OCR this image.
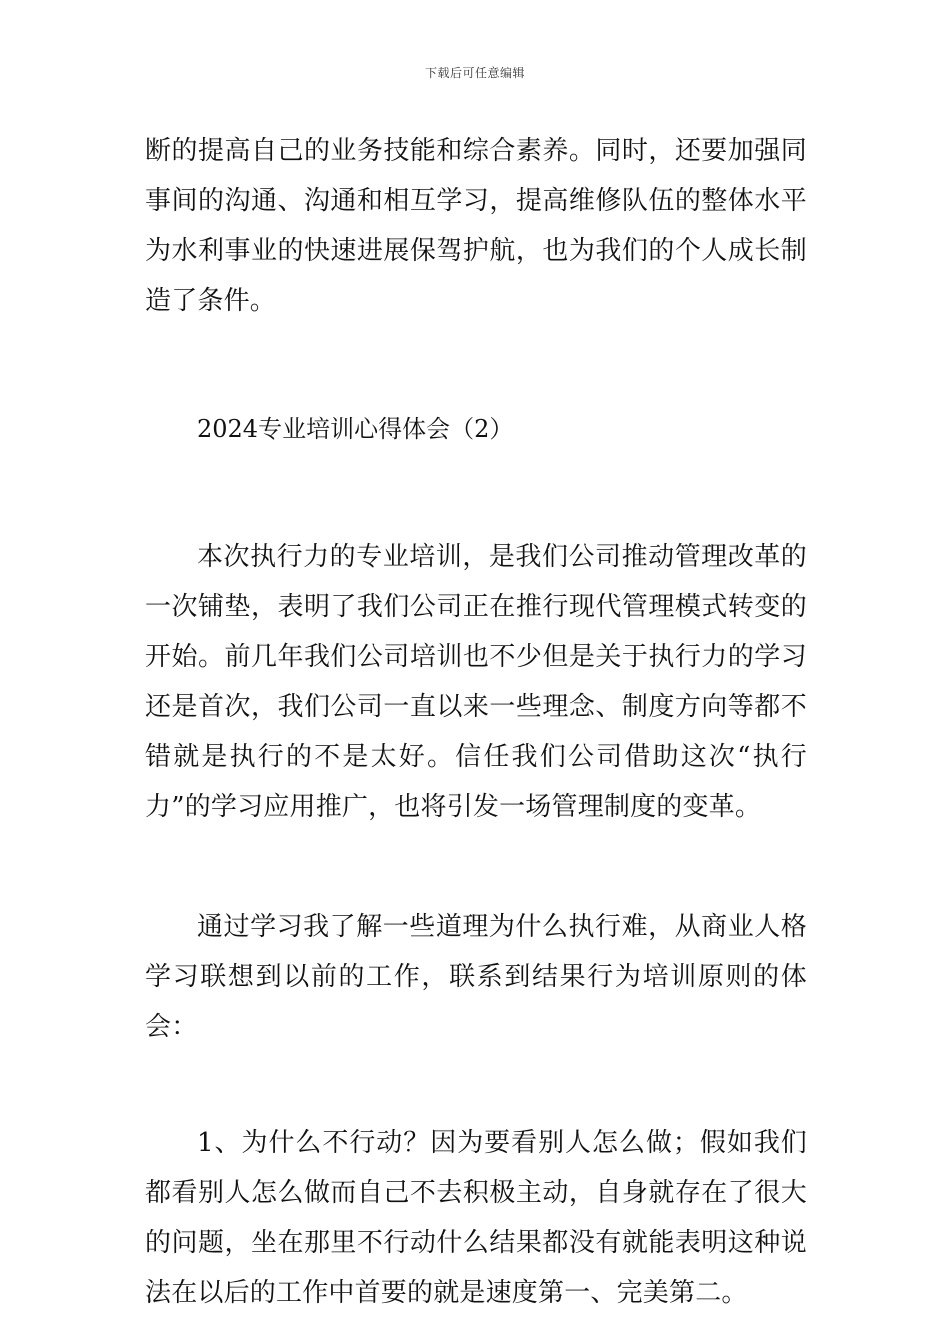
下载后可任意编辑

断的提高自己的业务技能和综合素养。同时，还要加强同事间的沟通、沟通和相互学习，提高维修队伍的整体水平为水利事业的快速进展保驾护航，也为我们的个人成长制造了条件。

2024专业培训心得体会（2）

本次执行力的专业培训，是我们公司推动管理改革的一次铺垫，表明了我们公司正在推行现代管理模式转变的开始。前几年我们公司培训也不少但是关于执行力的学习还是首次，我们公司一直以来一些理念、制度方向等都不错就是执行的不是太好。信任我们公司借助这次“执行力”的学习应用推广，也将引发一场管理制度的变革。

通过学习我了解一些道理为什么执行难，从商业人格学习联想到以前的工作，联系到结果行为培训原则的体会：

1、为什么不行动？因为要看别人怎么做；假如我们都看别人怎么做而自己不去积极主动，自身就存在了很大的问题，坐在那里不行动什么结果都没有就能表明这种说法在以后的工作中首要的就是速度第一、完美第二。
